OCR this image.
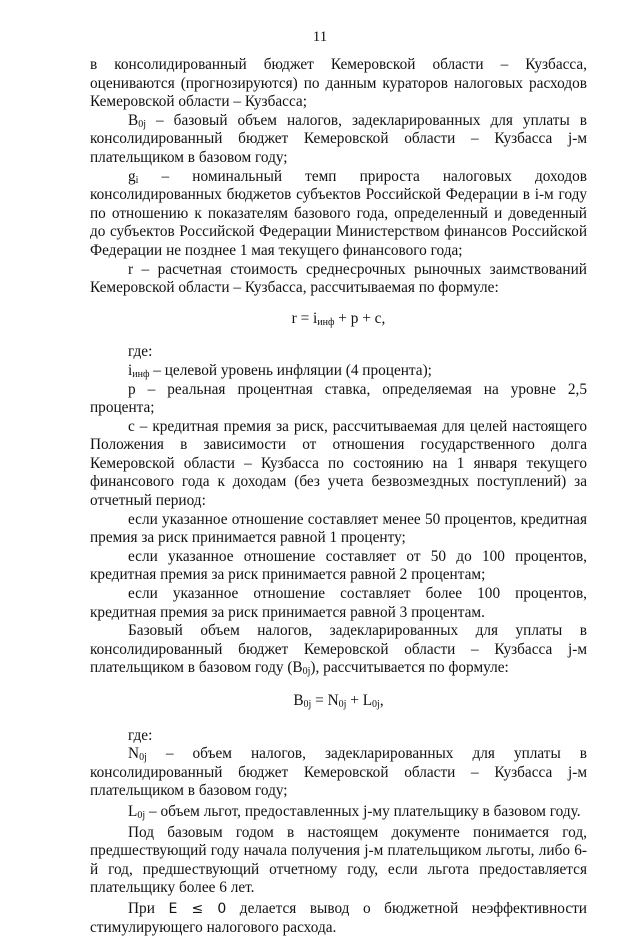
11

в консолидированный бюджет Кемеровской области – Кузбасса, оцениваются (прогнозируются) по данным кураторов налоговых расходов Кемеровской области – Кузбасса;

$B_{0j}$ – базовый объем налогов, задекларированных для уплаты в консолидированный бюджет Кемеровской области – Кузбасса j-м плательщиком в базовом году;

$g_i$ – номинальный темп прироста налоговых доходов консолидированных бюджетов субъектов Российской Федерации в i-м году по отношению к показателям базового года, определенный и доведенный до субъектов Российской Федерации Министерством финансов Российской Федерации не позднее 1 мая текущего финансового года;

r – расчетная стоимость среднесрочных рыночных заимствований Кемеровской области – Кузбасса, рассчитываемая по формуле:

$r = i_{инф} + p + c$,

где:

$i_{инф}$ – целевой уровень инфляции (4 процента);

p – реальная процентная ставка, определяемая на уровне 2,5 процента;

c – кредитная премия за риск, рассчитываемая для целей настоящего Положения в зависимости от отношения государственного долга Кемеровской области – Кузбасса по состоянию на 1 января текущего финансового года к доходам (без учета безвозмездных поступлений) за отчетный период:

если указанное отношение составляет менее 50 процентов, кредитная премия за риск принимается равной 1 проценту;

если указанное отношение составляет от 50 до 100 процентов, кредитная премия за риск принимается равной 2 процентам;

если указанное отношение составляет более 100 процентов, кредитная премия за риск принимается равной 3 процентам.

Базовый объем налогов, задекларированных для уплаты в консолидированный бюджет Кемеровской области – Кузбасса j-м плательщиком в базовом году $(B_{0j})$, рассчитывается по формуле:

$B_{0j} = N_{0j} + L_{0j}$,

где:

$N_{0j}$ – объем налогов, задекларированных для уплаты в консолидированный бюджет Кемеровской области – Кузбасса j-м плательщиком в базовом году;

$L_{0j}$ – объем льгот, предоставленных j-му плательщику в базовом году.

Под базовым годом в настоящем документе понимается год, предшествующий году начала получения j-м плательщиком льготы, либо 6-й год, предшествующий отчетному году, если льгота предоставляется плательщику более 6 лет.

При E ≤ 0 делается вывод о бюджетной неэффективности стимулирующего налогового расхода.
